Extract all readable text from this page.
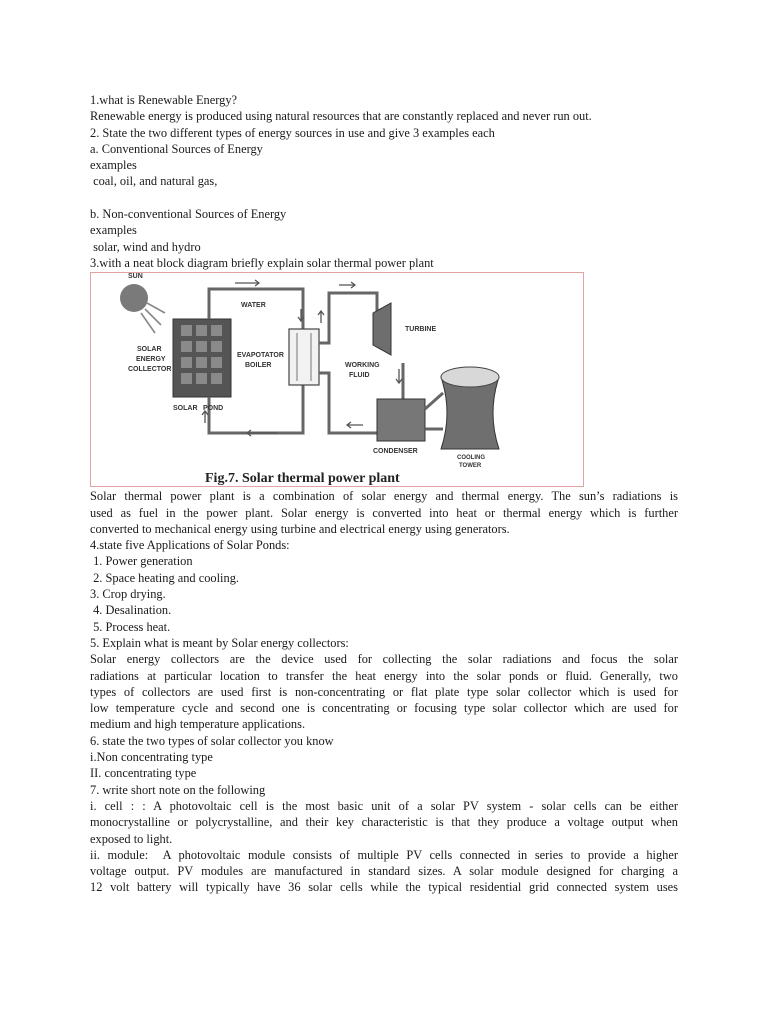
1.what is Renewable Energy?
Renewable energy is produced using natural resources that are constantly replaced and never run out.
2. State the two different types of energy sources in use and give 3 examples each
a. Conventional Sources of Energy
examples
coal, oil, and natural gas,
b. Non-conventional Sources of Energy
examples
solar, wind and hydro
3.with a neat block diagram briefly explain solar thermal power plant
SUN
SOLAR
ENERGY
COLLECTOR
WATER
EVAPOTATOR
BOILER
SOLAR POND
WORKING
FLUID
TURBINE
CONDENSER
COOLING
TOWER
Fig.7. Solar thermal power plant
Solar thermal power plant is a combination of solar energy and thermal energy. The sun’s radiations is
used as fuel in the power plant. Solar energy is converted into heat or thermal energy which is further
converted to mechanical energy using turbine and electrical energy using generators.
4.state five Applications of Solar Ponds:
1. Power generation
2. Space heating and cooling.
3. Crop drying.
4. Desalination.
5. Process heat.
5. Explain what is meant by Solar energy collectors:
Solar energy collectors are the device used for collecting the solar radiations and focus the solar
radiations at particular location to transfer the heat energy into the solar ponds or fluid. Generally, two
types of collectors are used first is non-concentrating or flat plate type solar collector which is used for
low temperature cycle and second one is concentrating or focusing type solar collector which are used for
medium and high temperature applications.
6. state the two types of solar collector you know
i.Non concentrating type
II. concentrating type
7. write short note on the following
i. cell : : A photovoltaic cell is the most basic unit of a solar PV system - solar cells can be either
monocrystalline or polycrystalline, and their key characteristic is that they produce a voltage output when
exposed to light.
ii. module:  A photovoltaic module consists of multiple PV cells connected in series to provide a higher
voltage output. PV modules are manufactured in standard sizes. A solar module designed for charging a
12 volt battery will typically have 36 solar cells while the typical residential grid connected system uses
